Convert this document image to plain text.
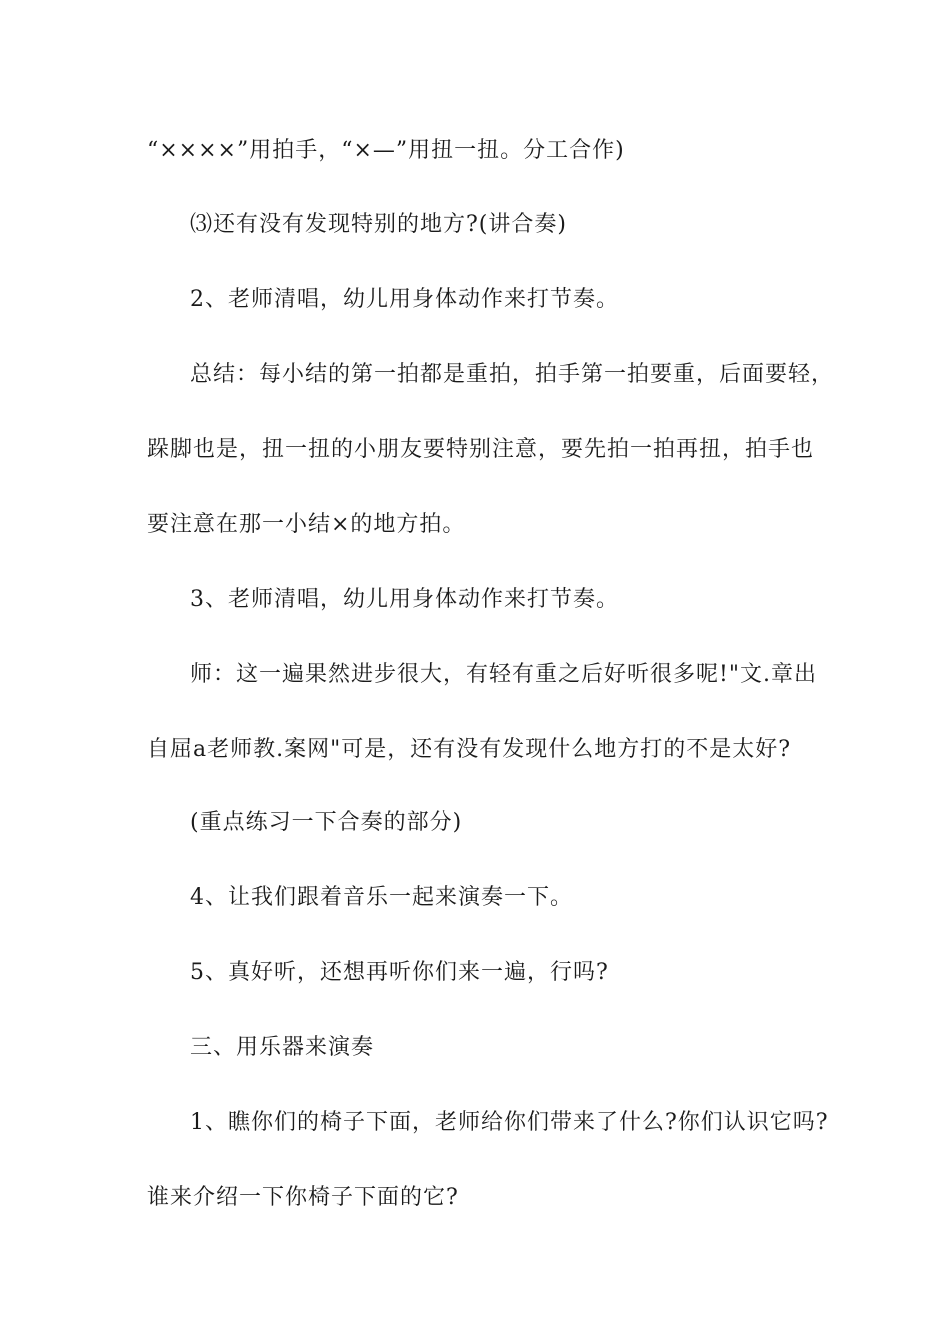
“××××”用拍手，“×—”用扭一扭。分工合作)
⑶还有没有发现特别的地方?(讲合奏)
2、老师清唱，幼儿用身体动作来打节奏。
总结：每小结的第一拍都是重拍，拍手第一拍要重，后面要轻，
跺脚也是，扭一扭的小朋友要特别注意，要先拍一拍再扭，拍手也
要注意在那一小结×的地方拍。
3、老师清唱，幼儿用身体动作来打节奏。
师：这一遍果然进步很大，有轻有重之后好听很多呢!"文.章出
自屈a老师教.案网"可是，还有没有发现什么地方打的不是太好?
(重点练习一下合奏的部分)
4、让我们跟着音乐一起来演奏一下。
5、真好听，还想再听你们来一遍，行吗?
三、用乐器来演奏
1、瞧你们的椅子下面，老师给你们带来了什么?你们认识它吗?
谁来介绍一下你椅子下面的它?
